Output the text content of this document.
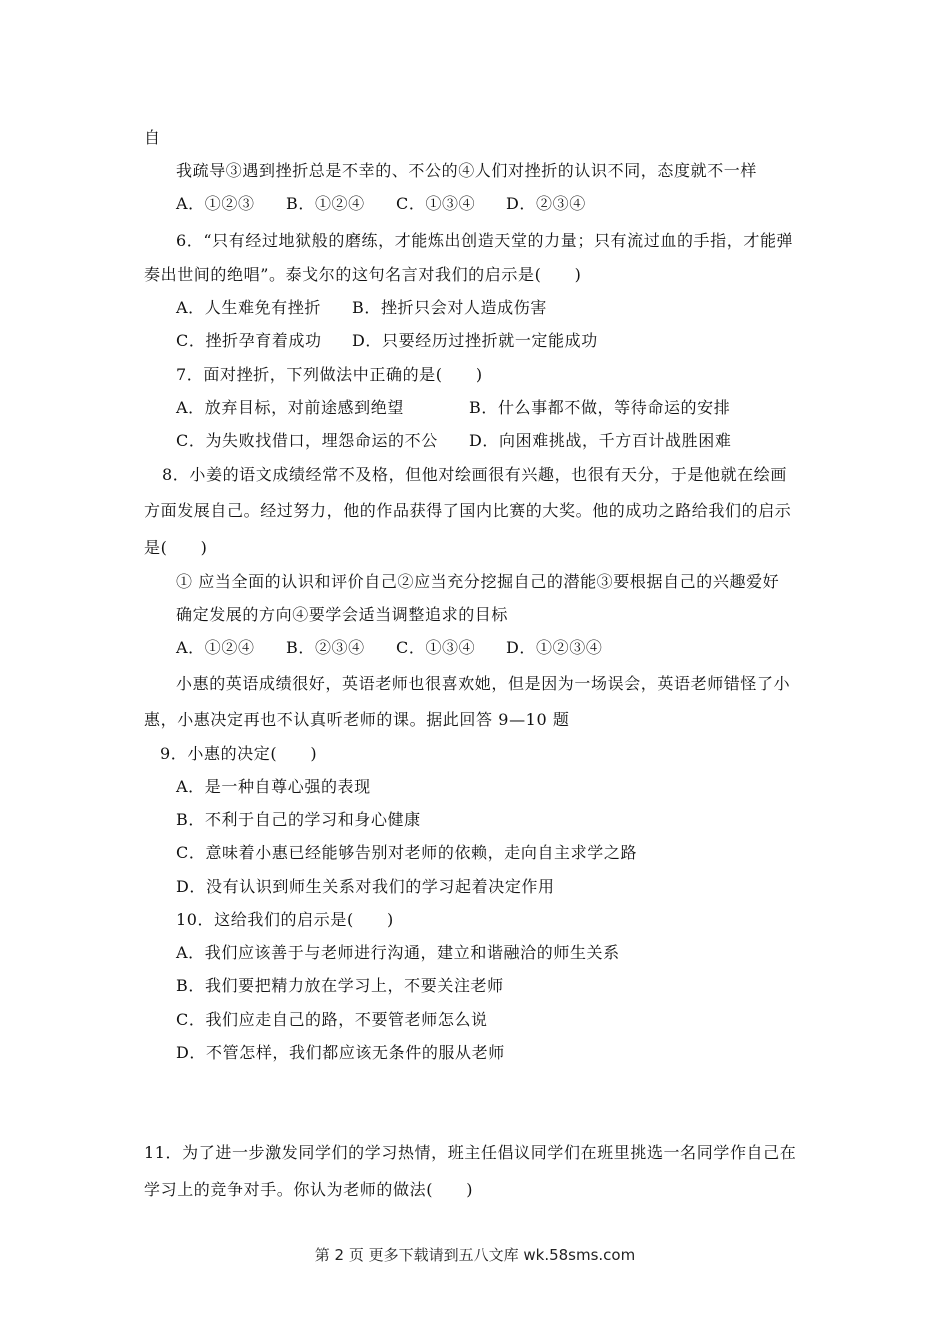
自
我疏导③遇到挫折总是不幸的、不公的④人们对挫折的认识不同，态度就不一样
A．①②③ B．①②④ C．①③④ D．②③④
6．“只有经过地狱般的磨练，才能炼出创造天堂的力量；只有流过血的手指，才能弹
奏出世间的绝唱”。泰戈尔的这句名言对我们的启示是(　　)
A．人生难免有挫折 B．挫折只会对人造成伤害
C．挫折孕育着成功 D．只要经历过挫折就一定能成功
7．面对挫折，下列做法中正确的是(　　)
A．放弃目标，对前途感到绝望	B．什么事都不做，等待命运的安排
C．为失败找借口，埋怨命运的不公 D．向困难挑战，千方百计战胜困难
8．小姜的语文成绩经常不及格，但他对绘画很有兴趣，也很有天分，于是他就在绘画
方面发展自己。经过努力，他的作品获得了国内比赛的大奖。他的成功之路给我们的启示
是(　　)
① 应当全面的认识和评价自己②应当充分挖掘自己的潜能③要根据自己的兴趣爱好
确定发展的方向④要学会适当调整追求的目标
A．①②④ B．②③④ C．①③④ D．①②③④
小惠的英语成绩很好，英语老师也很喜欢她，但是因为一场误会，英语老师错怪了小
惠，小惠决定再也不认真听老师的课。据此回答 9—10 题
9．小惠的决定(　　)
A．是一种自尊心强的表现
B．不利于自己的学习和身心健康
C．意味着小惠已经能够告别对老师的依赖，走向自主求学之路
D．没有认识到师生关系对我们的学习起着决定作用
10．这给我们的启示是(　　)
A．我们应该善于与老师进行沟通，建立和谐融洽的师生关系
B．我们要把精力放在学习上，不要关注老师
C．我们应走自己的路，不要管老师怎么说
D．不管怎样，我们都应该无条件的服从老师
11．为了进一步激发同学们的学习热情，班主任倡议同学们在班里挑选一名同学作自己在
学习上的竞争对手。你认为老师的做法(　　)
第 2 页 更多下载请到五八文库 wk.58sms.com
